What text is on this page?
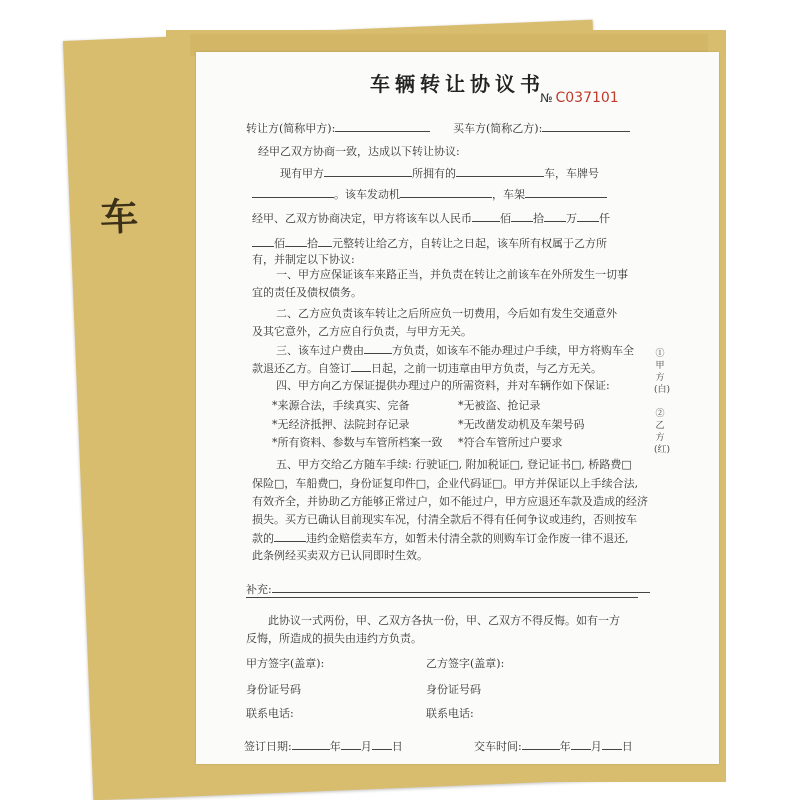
车
车辆转让协议书
№ C037101
转让方(简称甲方):	买车方(简称乙方):
经甲乙双方协商一致，达成以下转让协议:
现有甲方	所拥有的	车，车牌号
。该车发动机	，车架
经甲、乙双方协商决定，甲方将该车以人民币	佰 拾 万 仟
佰 拾 元整转让给乙方，自转让之日起，该车所有权属于乙方所
有，并制定以下协议:
一、甲方应保证该车来路正当，并负责在转让之前该车在外所发生一切事
宜的责任及债权债务。
二、乙方应负责该车转让之后所应负一切费用，今后如有发生交通意外
及其它意外，乙方应自行负责，与甲方无关。
三、该车过户费由	方负责，如该车不能办理过户手续，甲方将购车全
款退还乙方。自签订 日起，之前一切违章由甲方负责，与乙方无关。
四、甲方向乙方保证提供办理过户的所需资料，并对车辆作如下保证:
*来源合法，手续真实、完备	*无被盗、抢记录
*无经济抵押、法院封存记录	*无改凿发动机及车架号码
*所有资料、参数与车管所档案一致 *符合车管所过户要求
五、甲方交给乙方随车手续: 行驶证□, 附加税证□, 登记证书□, 桥路费□
保险□，车船费□，身份证复印件□，企业代码证□。甲方并保证以上手续合法,
有效齐全，并协助乙方能够正常过户，如不能过户，甲方应退还车款及造成的经济
损失。买方已确认目前现实车况，付清全款后不得有任何争议或违约，否则按车
款的	违约金赔偿卖车方，如暂未付清全款的则购车订金作废一律不退还,
此条例经买卖双方已认同即时生效。
补充:
此协议一式两份，甲、乙双方各执一份，甲、乙双方不得反悔。如有一方
反悔，所造成的损失由违约方负责。
甲方签字(盖章):	乙方签字(盖章):
身份证号码	身份证号码
联系电话:	联系电话:
签订日期:	年 月 日	交车时间:	年 月 日
①甲方(白)
②乙方(红)
